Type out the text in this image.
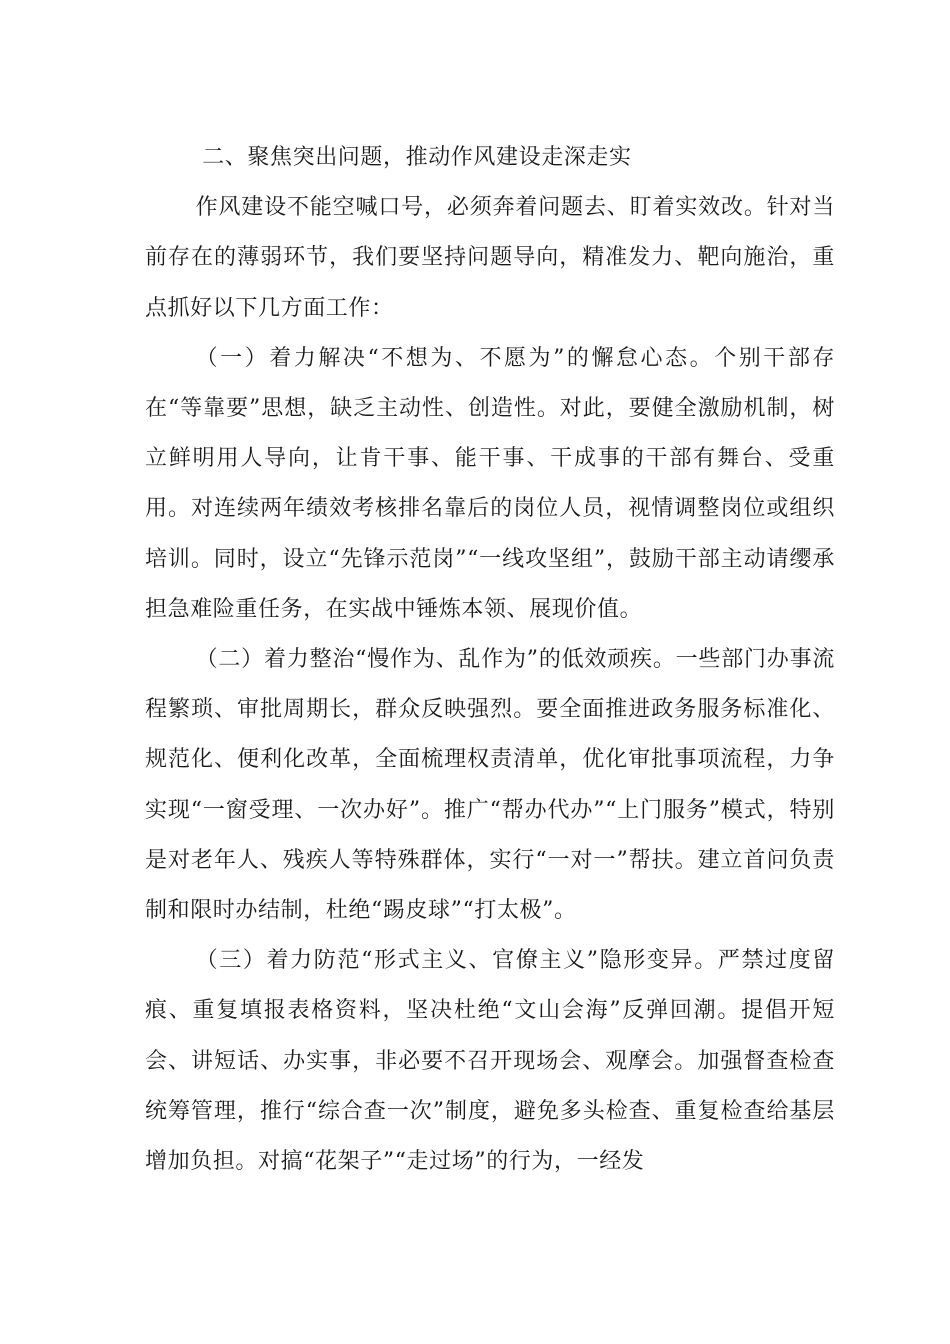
二、聚焦突出问题，推动作风建设走深走实

作风建设不能空喊口号，必须奔着问题去、盯着实效改。针对当前存在的薄弱环节，我们要坚持问题导向，精准发力、靶向施治，重点抓好以下几方面工作：

（一）着力解决“不想为、不愿为”的懈怠心态。个别干部存在“等靠要”思想，缺乏主动性、创造性。对此，要健全激励机制，树立鲜明用人导向，让肯干事、能干事、干成事的干部有舞台、受重用。对连续两年绩效考核排名靠后的岗位人员，视情调整岗位或组织培训。同时，设立“先锋示范岗”“一线攻坚组”，鼓励干部主动请缨承担急难险重任务，在实战中锤炼本领、展现价值。

（二）着力整治“慢作为、乱作为”的低效顽疾。一些部门办事流程繁琐、审批周期长，群众反映强烈。要全面推进政务服务标准化、规范化、便利化改革，全面梳理权责清单，优化审批事项流程，力争实现“一窗受理、一次办好”。推广“帮办代办”“上门服务”模式，特别是对老年人、残疾人等特殊群体，实行“一对一”帮扶。建立首问负责制和限时办结制，杜绝“踢皮球”“打太极”。

（三）着力防范“形式主义、官僚主义”隐形变异。严禁过度留痕、重复填报表格资料，坚决杜绝“文山会海”反弹回潮。提倡开短会、讲短话、办实事，非必要不召开现场会、观摩会。加强督查检查统筹管理，推行“综合查一次”制度，避免多头检查、重复检查给基层增加负担。对搞“花架子”“走过场”的行为，一经发
